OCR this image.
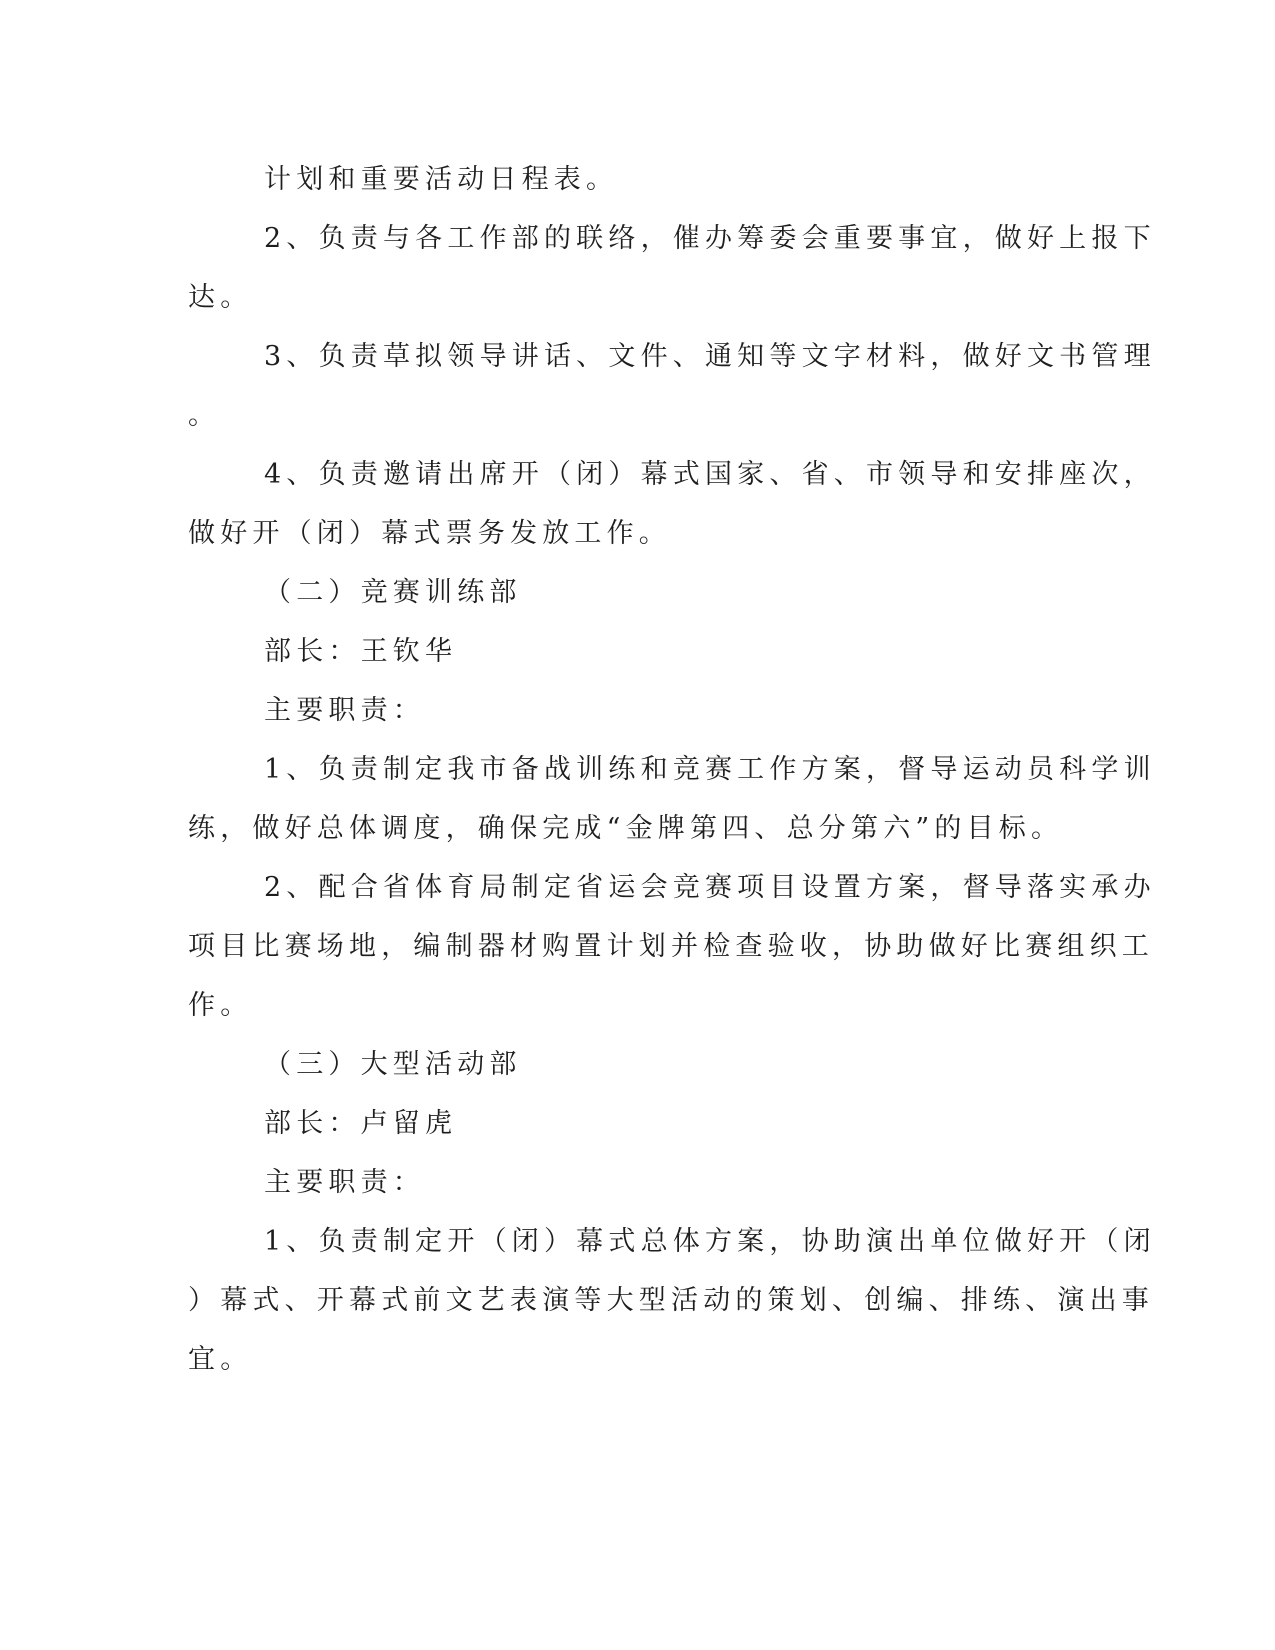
计划和重要活动日程表。
2、负责与各工作部的联络，催办筹委会重要事宜，做好上报下
达。
3、负责草拟领导讲话、文件、通知等文字材料，做好文书管理
。
4、负责邀请出席开（闭）幕式国家、省、市领导和安排座次，
做好开（闭）幕式票务发放工作。
（二）竞赛训练部
部长：王钦华
主要职责：
1、负责制定我市备战训练和竞赛工作方案，督导运动员科学训
练，做好总体调度，确保完成“金牌第四、总分第六”的目标。
2、配合省体育局制定省运会竞赛项目设置方案，督导落实承办
项目比赛场地，编制器材购置计划并检查验收，协助做好比赛组织工
作。
（三）大型活动部
部长：卢留虎
主要职责：
1、负责制定开（闭）幕式总体方案，协助演出单位做好开（闭
）幕式、开幕式前文艺表演等大型活动的策划、创编、排练、演出事
宜。
